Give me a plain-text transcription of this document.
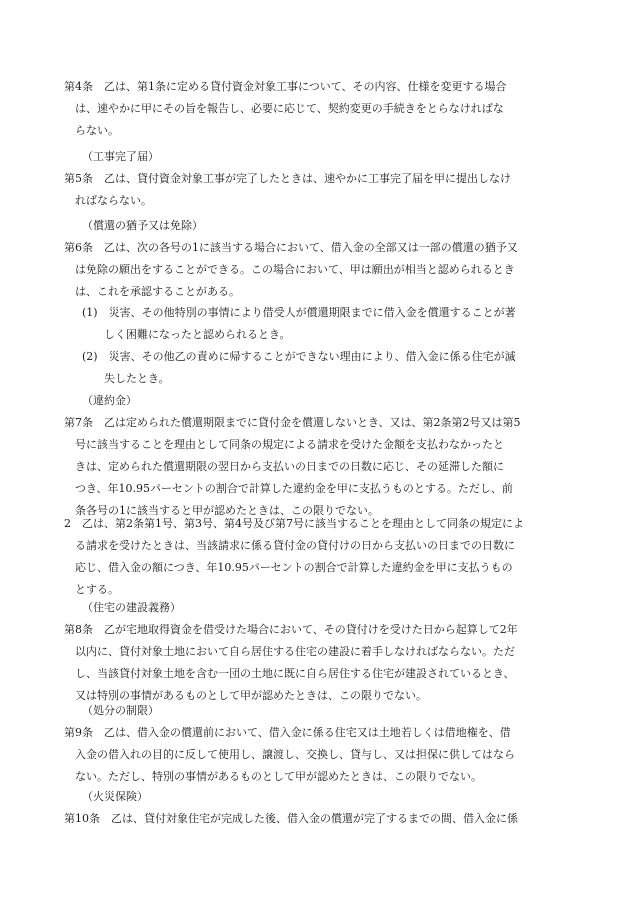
第4条　乙は、第1条に定める貸付資金対象工事について、その内容、仕様を変更する場合
　は、速やかに甲にその旨を報告し、必要に応じて、契約変更の手続きをとらなければな
　らない。
（工事完了届）
第5条　乙は、貸付資金対象工事が完了したときは、速やかに工事完了届を甲に提出しなけ
　ればならない。
（償還の猶予又は免除）
第6条　乙は、次の各号の1に該当する場合において、借入金の全部又は一部の償還の猶予又
　は免除の願出をすることができる。この場合において、甲は願出が相当と認められるとき
　は、これを承認することがある。
(1)　災害、その他特別の事情により借受人が償還期限までに借入金を償還することが著
　　しく困難になったと認められるとき。
(2)　災害、その他乙の責めに帰することができない理由により、借入金に係る住宅が滅
　　失したとき。
（違約金）
第7条　乙は定められた償還期限までに貸付金を償還しないとき、又は、第2条第2号又は第5
　号に該当することを理由として同条の規定による請求を受けた金額を支払わなかったと
　きは、定められた償還期限の翌日から支払いの日までの日数に応じ、その延滞した額に
　つき、年10.95パーセントの割合で計算した違約金を甲に支払うものとする。ただし、前
　条各号の1に該当すると甲が認めたときは、この限りでない。
2　乙は、第2条第1号、第3号、第4号及び第7号に該当することを理由として同条の規定によ
　る請求を受けたときは、当該請求に係る貸付金の貸付けの日から支払いの日までの日数に
　応じ、借入金の額につき、年10.95パーセントの割合で計算した違約金を甲に支払うもの
　とする。
（住宅の建設義務）
第8条　乙が宅地取得資金を借受けた場合において、その貸付けを受けた日から起算して2年
　以内に、貸付対象土地において自ら居住する住宅の建設に着手しなければならない。ただ
　し、当該貸付対象土地を含む一団の土地に既に自ら居住する住宅が建設されているとき、
　又は特別の事情があるものとして甲が認めたときは、この限りでない。
（処分の制限）
第9条　乙は、借入金の償還前において、借入金に係る住宅又は土地若しくは借地権を、借
　入金の借入れの目的に反して使用し、譲渡し、交換し、貸与し、又は担保に供してはなら
　ない。ただし、特別の事情があるものとして甲が認めたときは、この限りでない。
（火災保険）
第10条　乙は、貸付対象住宅が完成した後、借入金の償還が完了するまでの間、借入金に係
